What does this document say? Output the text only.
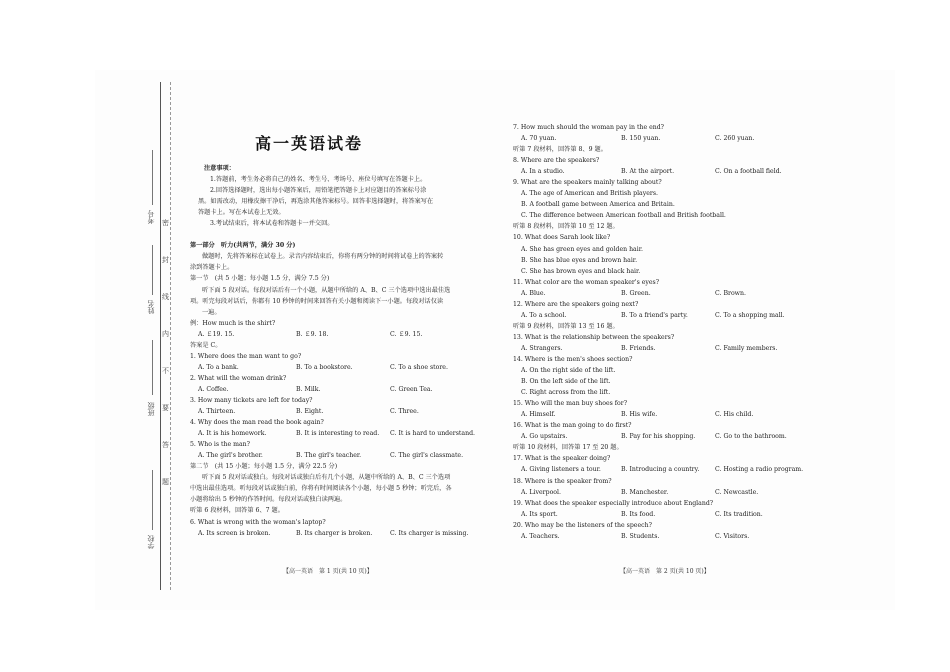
考号
姓名
班级
学校
密
封
线
内
不
要
答
题
高一英语试卷
注意事项：
1.答题前，考生务必将自己的姓名、考生号、考场号、座位号填写在答题卡上。
2.回答选择题时，选出每小题答案后，用铅笔把答题卡上对应题目的答案标号涂
黑。如需改动，用橡皮擦干净后，再选涂其他答案标号。回答非选择题时，将答案写在
答题卡上。写在本试卷上无效。
3.考试结束后，将本试卷和答题卡一并交回。
第一部分　听力(共两节，满分 30 分)
做题时，先将答案标在试卷上。录音内容结束后，你将有两分钟的时间将试卷上的答案转
涂到答题卡上。
第一节　(共 5 小题；每小题 1.5 分，满分 7.5 分)
听下面 5 段对话。每段对话后有一个小题，从题中所给的 A、B、C 三个选项中选出最佳选
项。听完每段对话后，你都有 10 秒钟的时间来回答有关小题和阅读下一小题。每段对话仅读
一遍。
例：How much is the shirt?
A. ￡19. 15.	B. ￡9. 18.	C. ￡9. 15.
答案是 C。
1. Where does the man want to go?
A. To a bank.	B. To a bookstore.	C. To a shoe store.
2. What will the woman drink?
A. Coffee.	B. Milk.	C. Green Tea.
3. How many tickets are left for today?
A. Thirteen.	B. Eight.	C. Three.
4. Why does the man read the book again?
A. It is his homework.	B. It is interesting to read. C. It is hard to understand.
5. Who is the man?
A. The girl's brother.	B. The girl's teacher.	C. The girl's classmate.
第二节　(共 15 小题；每小题 1.5 分，满分 22.5 分)
听下面 5 段对话或独白。每段对话或独白后有几个小题，从题中所给的 A、B、C 三个选项
中选出最佳选项。听每段对话或独白前，你将有时间阅读各个小题，每小题 5 秒钟；听完后，各
小题将给出 5 秒钟的作答时间。每段对话或独白读两遍。
听第 6 段材料，回答第 6、7 题。
6. What is wrong with the woman's laptop?
A. Its screen is broken.	B. Its charger is broken.	C. Its charger is missing.
7. How much should the woman pay in the end?
A. 70 yuan.	B. 150 yuan.	C. 260 yuan.
听第 7 段材料，回答第 8、9 题。
8. Where are the speakers?
A. In a studio.	B. At the airport.	C. On a football field.
9. What are the speakers mainly talking about?
A. The age of American and British players.
B. A football game between America and Britain.
C. The difference between American football and British football.
听第 8 段材料，回答第 10 至 12 题。
10. What does Sarah look like?
A. She has green eyes and golden hair.
B. She has blue eyes and brown hair.
C. She has brown eyes and black hair.
11. What color are the woman speaker's eyes?
A. Blue.	B. Green.	C. Brown.
12. Where are the speakers going next?
A. To a school.	B. To a friend's party.	C. To a shopping mall.
听第 9 段材料，回答第 13 至 16 题。
13. What is the relationship between the speakers?
A. Strangers.	B. Friends.	C. Family members.
14. Where is the men's shoes section?
A. On the right side of the lift.
B. On the left side of the lift.
C. Right across from the lift.
15. Who will the man buy shoes for?
A. Himself.	B. His wife.	C. His child.
16. What is the man going to do first?
A. Go upstairs.	B. Pay for his shopping.	C. Go to the bathroom.
听第 10 段材料，回答第 17 至 20 题。
17. What is the speaker doing?
A. Giving listeners a tour.	B. Introducing a country.	C. Hosting a radio program.
18. Where is the speaker from?
A. Liverpool.	B. Manchester.	C. Newcastle.
19. What does the speaker especially introduce about England?
A. Its sport.	B. Its food.	C. Its tradition.
20. Who may be the listeners of the speech?
A. Teachers.	B. Students.	C. Visitors.
【高一英语　第 1 页(共 10 页)】	【高一英语　第 2 页(共 10 页)】
